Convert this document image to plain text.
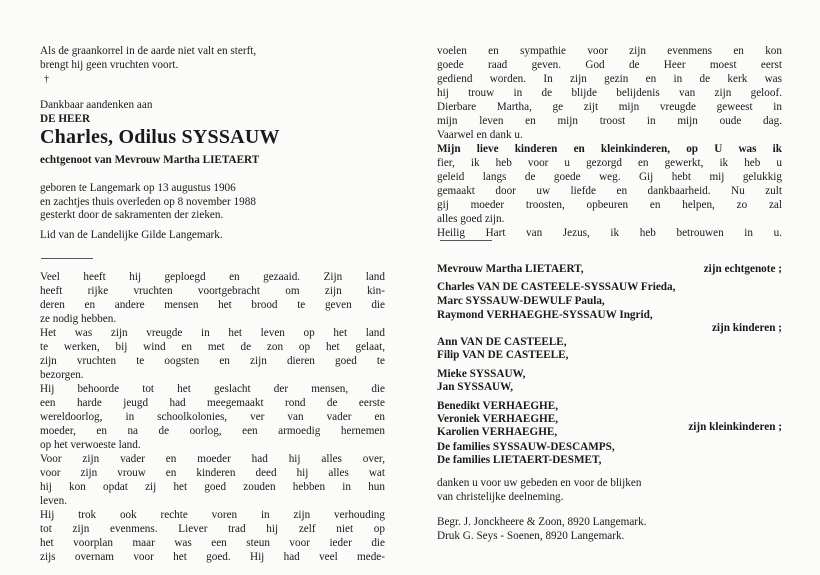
Als de graankorrel in de aarde niet valt en sterft,
brengt hij geen vruchten voort.
†
Dankbaar aandenken aan
DE HEER
Charles, Odilus SYSSAUW
echtgenoot van Mevrouw Martha LIETAERT
geboren te Langemark op 13 augustus 1906
en zachtjes thuis overleden op 8 november 1988
gesterkt door de sakramenten der zieken.
Lid van de Landelijke Gilde Langemark.
Veel heeft hij geploegd en gezaaid. Zijn land
heeft rijke vruchten voortgebracht om zijn kin-
deren en andere mensen het brood te geven die
ze nodig hebben.
Het was zijn vreugde in het leven op het land
te werken, bij wind en met de zon op het gelaat,
zijn vruchten te oogsten en zijn dieren goed te
bezorgen.
Hij behoorde tot het geslacht der mensen, die
een harde jeugd had meegemaakt rond de eerste
wereldoorlog, in schoolkolonies, ver van vader en
moeder, en na de oorlog, een armoedig hernemen
op het verwoeste land.
Voor zijn vader en moeder had hij alles over,
voor zijn vrouw en kinderen deed hij alles wat
hij kon opdat zij het goed zouden hebben in hun
leven.
Hij trok ook rechte voren in zijn verhouding
tot zijn evenmens. Liever trad hij zelf niet op
het voorplan maar was een steun voor ieder die
zijs overnam voor het goed. Hij had veel mede-
voelen en sympathie voor zijn evenmens en kon
goede raad geven. God de Heer moest eerst
gediend worden. In zijn gezin en in de kerk was
hij trouw in de blijde belijdenis van zijn geloof.
Dierbare Martha, ge zijt mijn vreugde geweest in
mijn leven en mijn troost in mijn oude dag.
Vaarwel en dank u.
Mijn lieve kinderen en kleinkinderen, op U was ik
fier, ik heb voor u gezorgd en gewerkt, ik heb u
geleid langs de goede weg. Gij hebt mij gelukkig
gemaakt door uw liefde en dankbaarheid. Nu zult
gij moeder troosten, opbeuren en helpen, zo zal
alles goed zijn.
Heilig Hart van Jezus, ik heb betrouwen in u.
Mevrouw Martha LIETAERT,	zijn echtgenote ;
Charles VAN DE CASTEELE-SYSSAUW Frieda,
Marc SYSSAUW-DEWULF Paula,
Raymond VERHAEGHE-SYSSAUW Ingrid,
zijn kinderen ;
Ann VAN DE CASTEELE,
Filip VAN DE CASTEELE,
Mieke SYSSAUW,
Jan SYSSAUW,
Benedikt VERHAEGHE,
Veroniek VERHAEGHE,
Karolien VERHAEGHE,	zijn kleinkinderen ;
De families SYSSAUW-DESCAMPS,
De families LIETAERT-DESMET,
danken u voor uw gebeden en voor de blijken
van christelijke deelneming.
Begr. J. Jonckheere & Zoon, 8920 Langemark.
Druk G. Seys - Soenen, 8920 Langemark.
